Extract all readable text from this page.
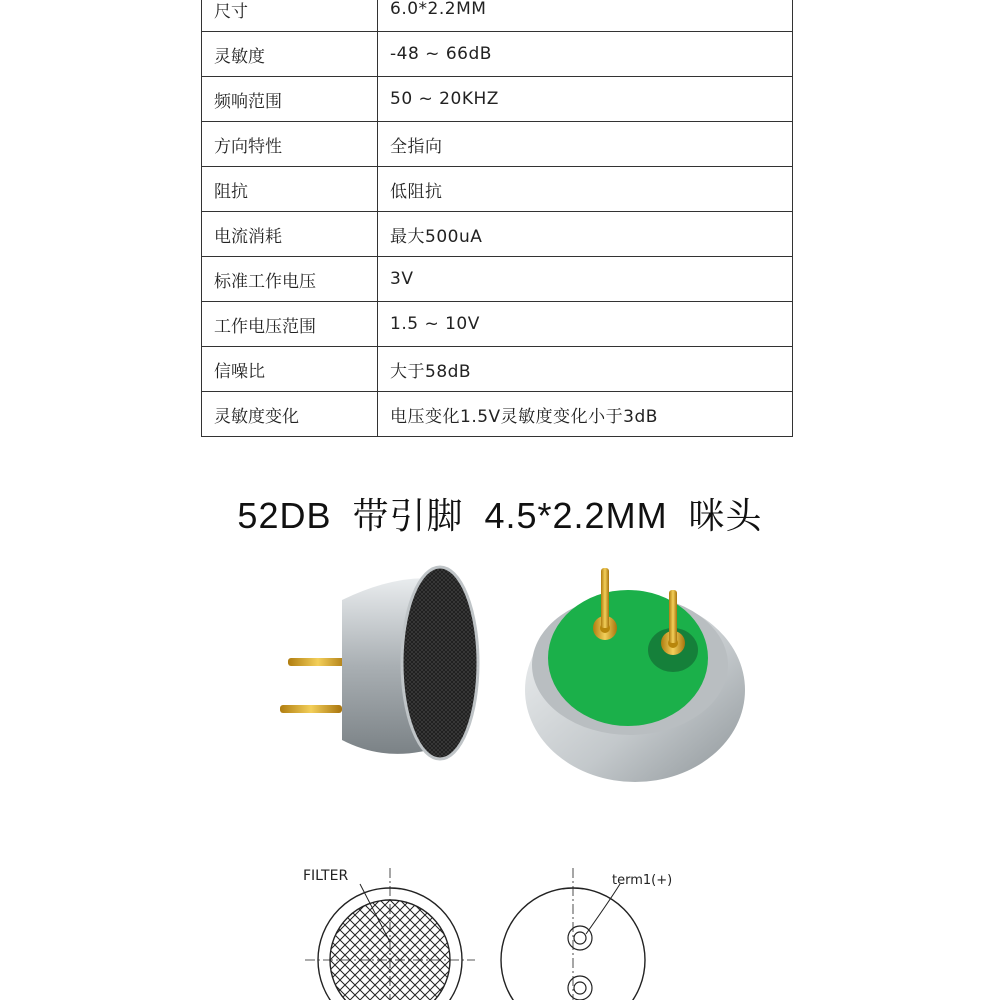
尺寸	6.0*2.2MM
灵敏度	-48 ~ 66dB
频响范围	50 ~ 20KHZ
方向特性	全指向
阻抗	低阻抗
电流消耗	最大500uA
标准工作电压	3V
工作电压范围	1.5 ~ 10V
信噪比	大于58dB
灵敏度变化	电压变化1.5V灵敏度变化小于3dB
52DB 带引脚 4.5*2.2MM 咪头
FILTER	term1(+)
